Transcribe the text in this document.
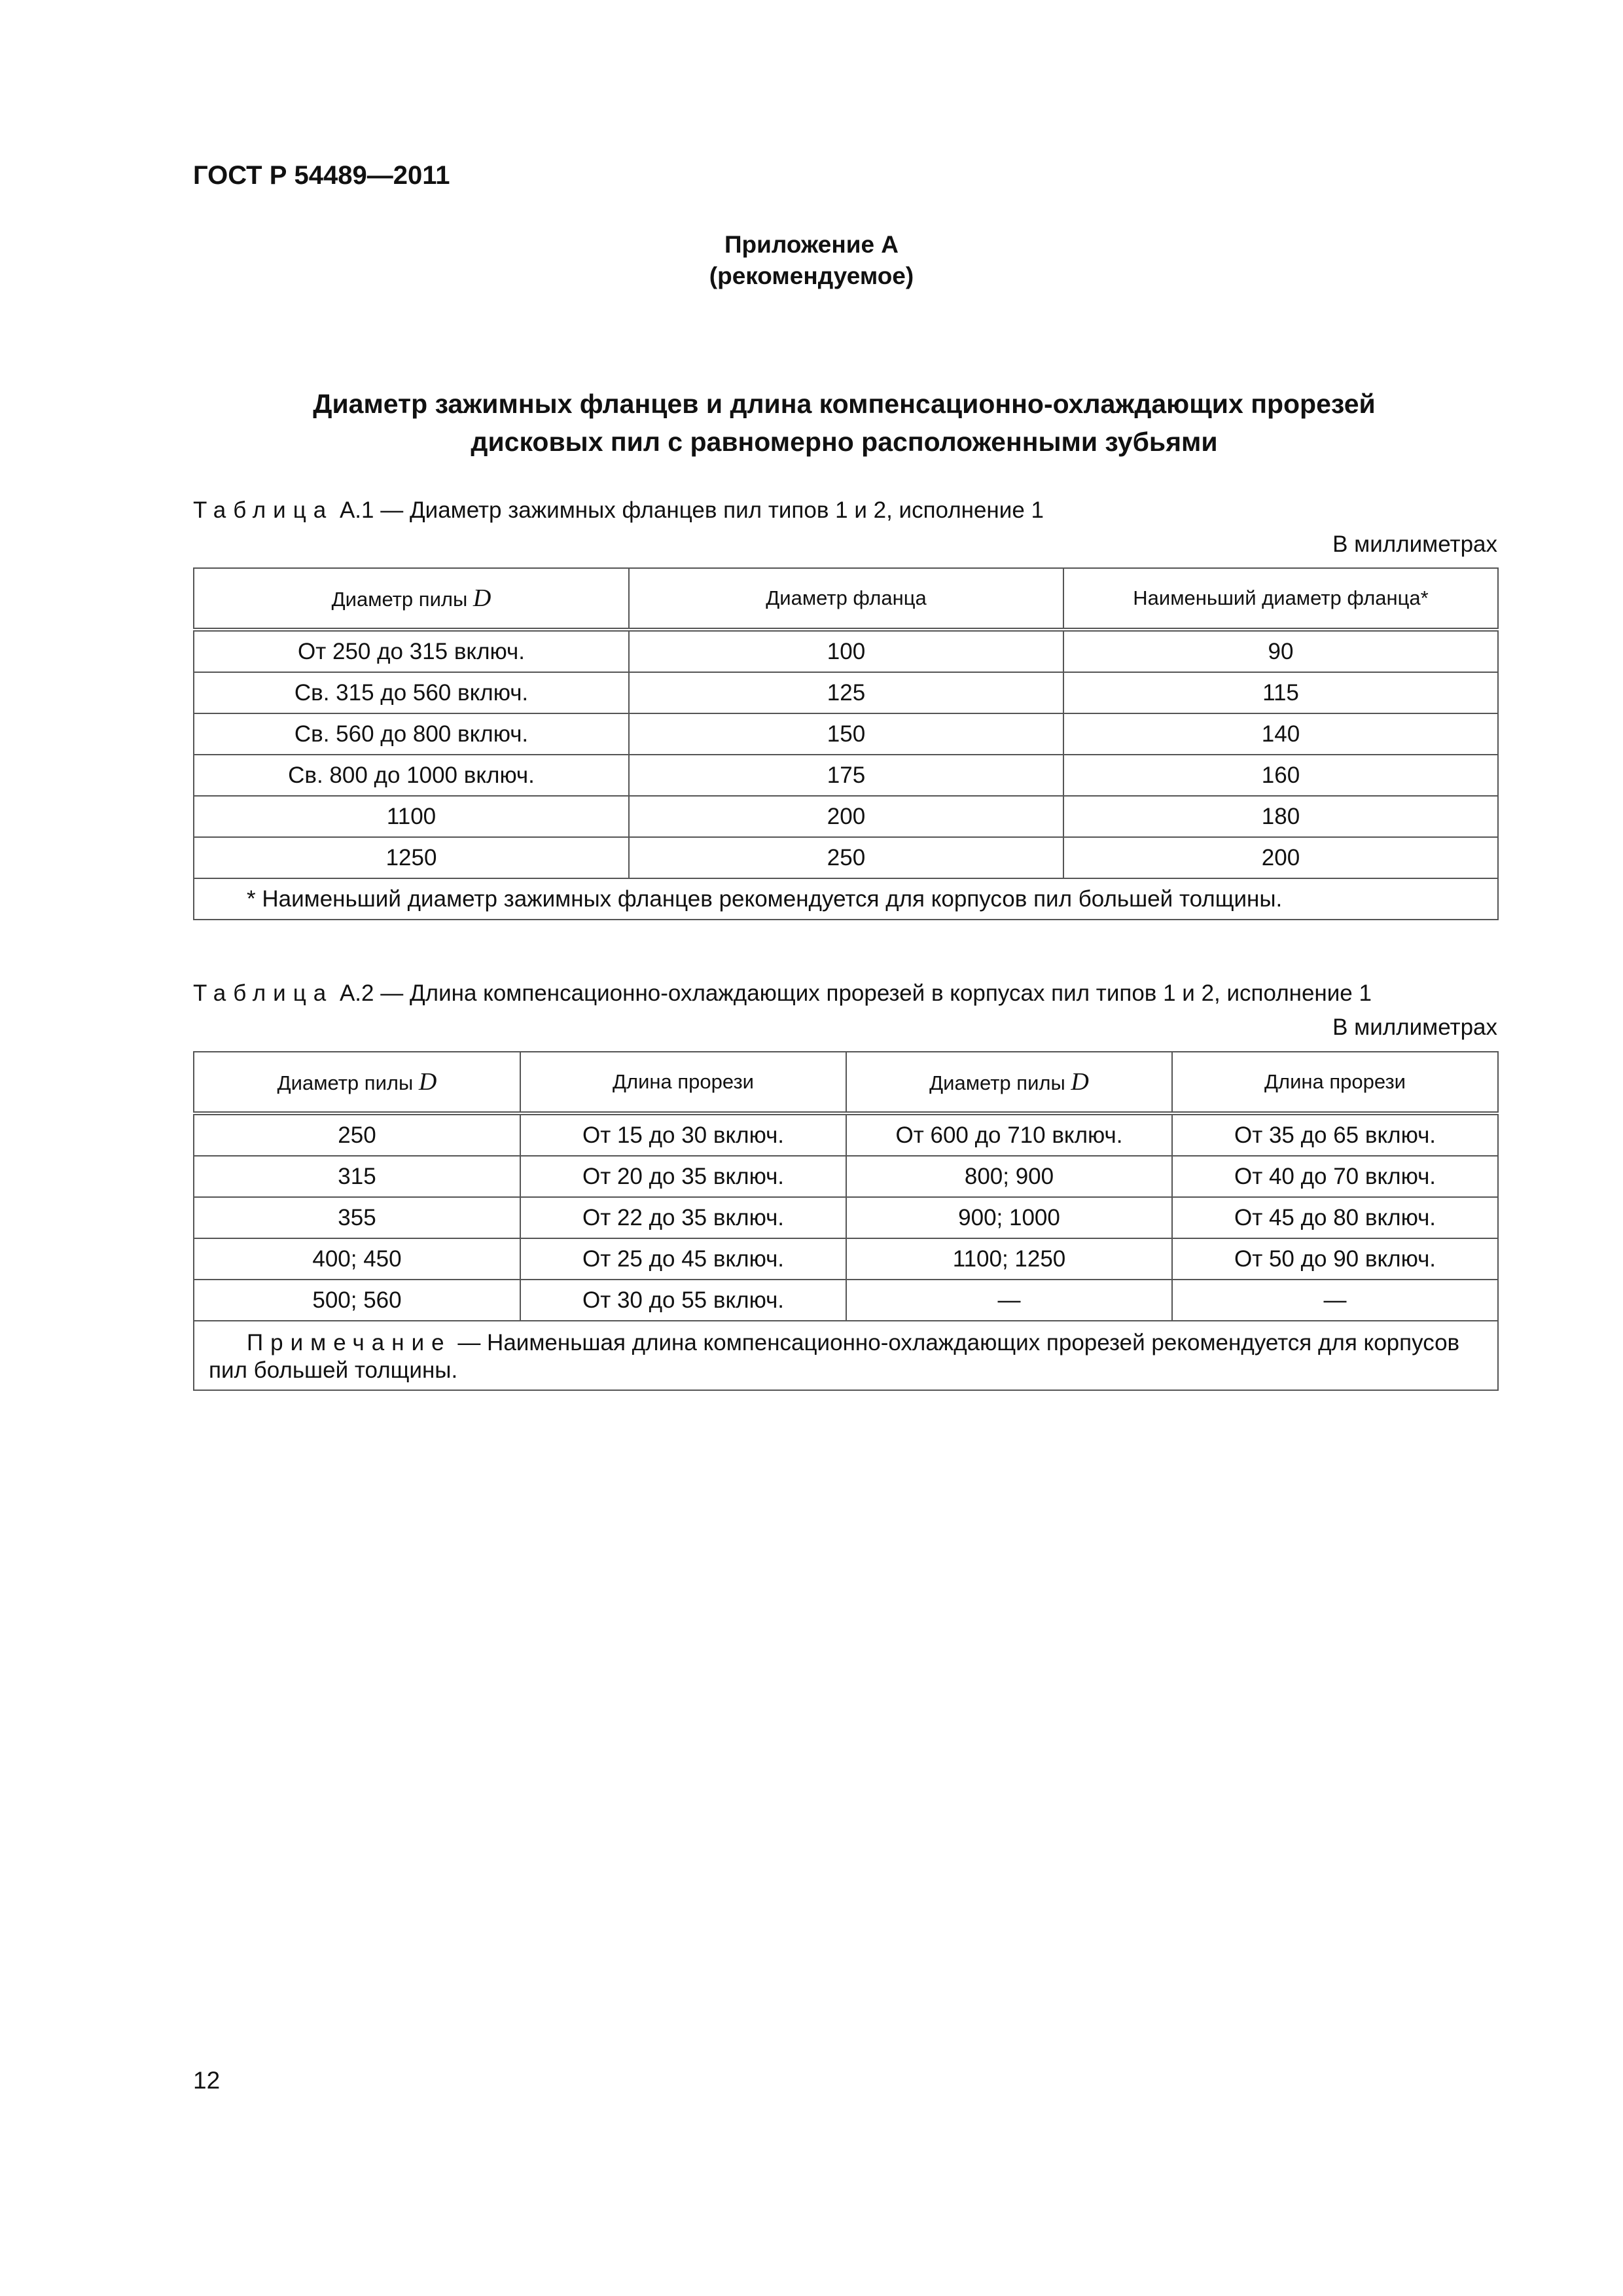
ГОСТ Р 54489—2011
Приложение А
(рекомендуемое)
Диаметр зажимных фланцев и длина компенсационно-охлаждающих прорезей
дисковых пил с равномерно расположенными зубьями
Таблица А.1 — Диаметр зажимных фланцев пил типов 1 и 2, исполнение 1
В миллиметрах
Диаметр пилы D	Диаметр фланца	Наименьший диаметр фланца*
От 250 до 315 включ.	100	90
Св. 315 до 560 включ.	125	115
Св. 560 до 800 включ.	150	140
Св. 800 до 1000 включ.	175	160
1100	200	180
1250	250	200
* Наименьший диаметр зажимных фланцев рекомендуется для корпусов пил большей толщины.		
Таблица А.2 — Длина компенсационно-охлаждающих прорезей в корпусах пил типов 1 и 2, исполнение 1
В миллиметрах
Диаметр пилы D	Длина прорези	Диаметр пилы D	Длина прорези
250	От 15 до 30 включ.	От 600 до 710 включ.	От 35 до 65 включ.
315	От 20 до 35 включ.	800; 900	От 40 до 70 включ.
355	От 22 до 35 включ.	900; 1000	От 45 до 80 включ.
400; 450	От 25 до 45 включ.	1100; 1250	От 50 до 90 включ.
500; 560	От 30 до 55 включ.	—	—
Примечание — Наименьшая длина компенсационно-охлаждающих прорезей рекомендуется для корпусов пил большей толщины.			
12
